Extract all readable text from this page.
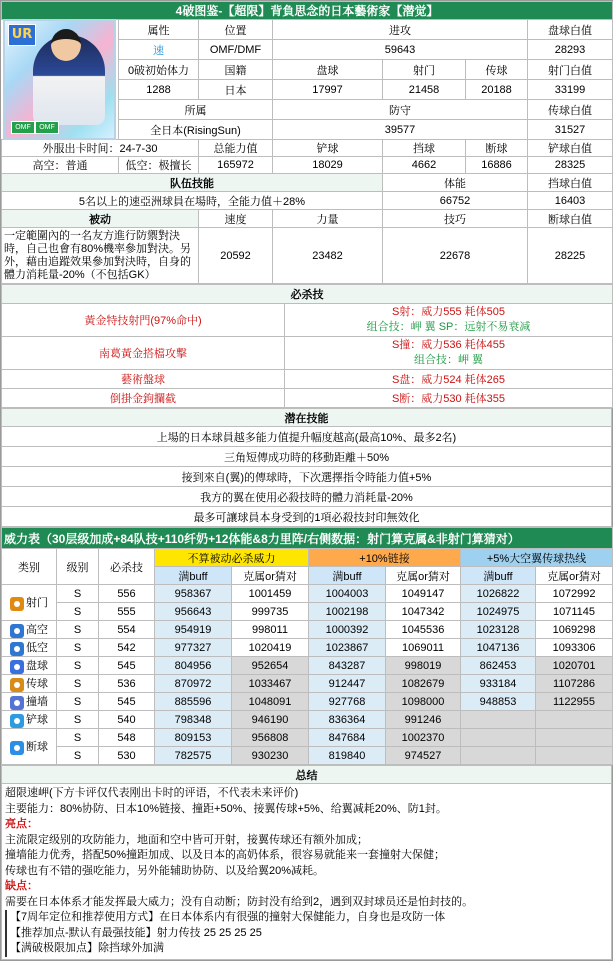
UR
OMF	OMF
4破图鉴-【超限】背負思念的日本藝術家【潜觉】						
	属性	位置	进攻			盘球白值
	速	OMF/DMF	59643			28293
	0破初始体力	国籍	盘球	射门	传球	射门白值
	1288	日本	17997	21458	20188	33199
	所属		防守			传球白值
	全日本(RisingSun)		39577			31527
外服出卡时间：24-7-30		总能力值	铲球	挡球	断球	铲球白值
高空：普通	低空：极擅长	165972	18029	4662	16886	28325
队伍技能				体能		挡球白值
5名以上的速亞洲球員在場時，全能力值＋28%				66752		16403
被动		速度	力量	技巧		断球白值
一定範圍內的一名友方進行防禦對決時，自己也會有80%機率參加對決。另外，藉由追蹤效果參加對決時，自身的體力消耗量-20%（不包括GK）		20592	23482	22678		28225
必杀技	
黃金特技射門(97%命中)	S射：威力555 耗体505
组合技：岬 翼 SP：远射不易衰减

南葛黃金搭檔攻擊	S撞：威力536 耗体455
组合技：岬 翼

藝術盤球	S盘：威力524 耗体265
倒掛金鉤攔截	S断：威力530 耗体355
潜在技能
上場的日本球員越多能力值提升幅度越高(最高10%、最多2名)
三角短傳成功時的移動距離＋50%
接到來自(翼)的傳球時，下次選擇指令時能力值+5%
我方的翼在使用必殺技時的體力消耗量-20%
最多可讓球員本身受到的1項必殺技封印無效化
威力表（30层级加成+84队技+110纤奶+12体能&8力里阵/右侧数据：射门算克属&非射门算猜对）								
类别	级别	必杀技	不算被动必杀威力		+10%链接		+5%大空翼传球热线	
			满buff	克属or猜对	满buff	克属or猜对	满buff	克属or猜对
射门	S	556	958367	1001459	1004003	1049147	1026822	1072992
	S	555	956643	999735	1002198	1047342	1024975	1071145
高空	S	554	954919	998011	1000392	1045536	1023128	1069298
低空	S	542	977327	1020419	1023867	1069011	1047136	1093306
盘球	S	545	804956	952654	843287	998019	862453	1020701
传球	S	536	870972	1033467	912447	1082679	933184	1107286
撞墙	S	545	885596	1048091	927768	1098000	948853	1122955
铲球	S	540	798348	946190	836364	991246		
断球	S	548	809153	956808	847684	1002370		
	S	530	782575	930230	819840	974527		
总结

超限速岬(下方卡评仅代表刚出卡时的评语，不代表未来评价)
主要能力：80%协防、日本10%链接、撞距+50%、接翼传球+5%、给翼减耗20%、防1封。
亮点：
主流限定级别的攻防能力，地面和空中皆可开射，接翼传球还有额外加成；
撞墙能力优秀，搭配50%撞距加成、以及日本的高奶体系，很容易就能来一套撞射大保健；
传球也有不错的强吃能力，另外能辅助协防、以及给翼20%减耗。
缺点：
需要在日本体系才能发挥最大威力；没有自动断；防封没有给到2，遇到双封球员还是怕封技的。
【7周年定位和推荐使用方式】在日本体系内有很强的撞射大保健能力，自身也是攻防一体
【推荐加点-默认有最强技能】射力传技 25 25 25 25
【满破极限加点】除挡球外加满
